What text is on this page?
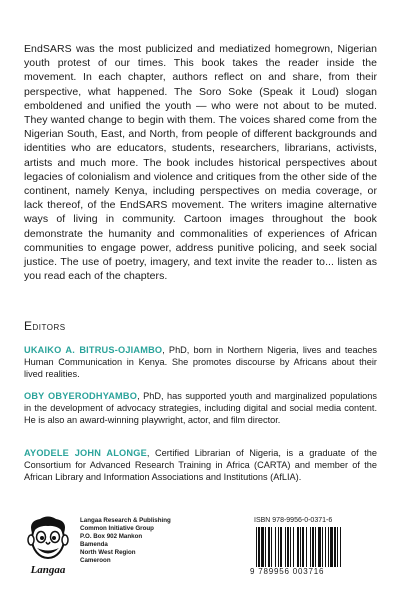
EndSARS was the most publicized and mediatized homegrown, Nigerian youth protest of our times. This book takes the reader inside the movement. In each chapter, authors reflect on and share, from their perspective, what happened. The Soro Soke (Speak it Loud) slogan emboldened and unified the youth — who were not about to be muted. They wanted change to begin with them. The voices shared come from the Nigerian South, East, and North, from people of different backgrounds and identities who are educators, students, researchers, librarians, activists, artists and much more. The book includes historical perspectives about legacies of colonialism and violence and critiques from the other side of the continent, namely Kenya, including perspectives on media coverage, or lack thereof, of the EndSARS movement. The writers imagine alternative ways of living in community. Cartoon images throughout the book demonstrate the humanity and commonalities of experiences of African communities to engage power, address punitive policing, and seek social justice. The use of poetry, imagery, and text invite the reader to... listen as you read each of the chapters.

Editors

UKAIKO A. BITRUS-OJIAMBO, PhD, born in Northern Nigeria, lives and teaches Human Communication in Kenya. She promotes discourse by Africans about their lived realities.

OBY OBYERODHYAMBO, PhD, has supported youth and marginalized populations in the development of advocacy strategies, including digital and social media content. He is also an award-winning playwright, actor, and film director.

AYODELE JOHN ALONGE, Certified Librarian of Nigeria, is a graduate of the Consortium for Advanced Research Training in Africa (CARTA) and member of the African Library and Information Associations and Institutions (AfLIA).

Langaa
Langaa Research & Publishing
Common Initiative Group
P.O. Box 902 Mankon
Bamenda
North West Region
Cameroon
ISBN 978-9956-0-0371-6
9 789956 003716
